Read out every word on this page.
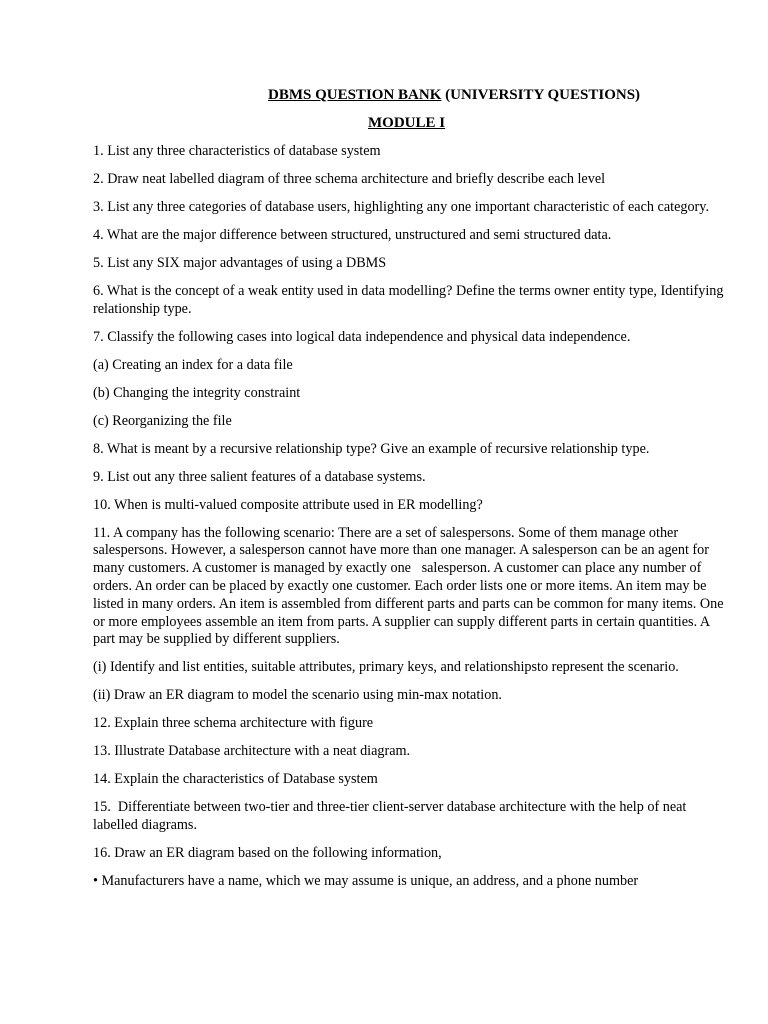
DBMS QUESTION BANK (UNIVERSITY QUESTIONS)
MODULE I

1. List any three characteristics of database system

2. Draw neat labelled diagram of three schema architecture and briefly describe each level

3. List any three categories of database users, highlighting any one important characteristic of each category.

4. What are the major difference between structured, unstructured and semi structured data.

5. List any SIX major advantages of using a DBMS

6. What is the concept of a weak entity used in data modelling? Define the terms owner entity type, Identifying relationship type.

7. Classify the following cases into logical data independence and physical data independence.

(a) Creating an index for a data file

(b) Changing the integrity constraint

(c) Reorganizing the file

8. What is meant by a recursive relationship type? Give an example of recursive relationship type.

9. List out any three salient features of a database systems.

10. When is multi-valued composite attribute used in ER modelling?

11. A company has the following scenario: There are a set of salespersons. Some of them manage other salespersons. However, a salesperson cannot have more than one manager. A salesperson can be an agent for many customers. A customer is managed by exactly one   salesperson. A customer can place any number of orders. An order can be placed by exactly one customer. Each order lists one or more items. An item may be listed in many orders. An item is assembled from different parts and parts can be common for many items. One or more employees assemble an item from parts. A supplier can supply different parts in certain quantities. A part may be supplied by different suppliers.

(i) Identify and list entities, suitable attributes, primary keys, and relationshipsto represent the scenario.

(ii) Draw an ER diagram to model the scenario using min-max notation.

12. Explain three schema architecture with figure

13. Illustrate Database architecture with a neat diagram.

14. Explain the characteristics of Database system

15.  Differentiate between two-tier and three-tier client-server database architecture with the help of neat labelled diagrams.

16. Draw an ER diagram based on the following information,

• Manufacturers have a name, which we may assume is unique, an address, and a phone number
